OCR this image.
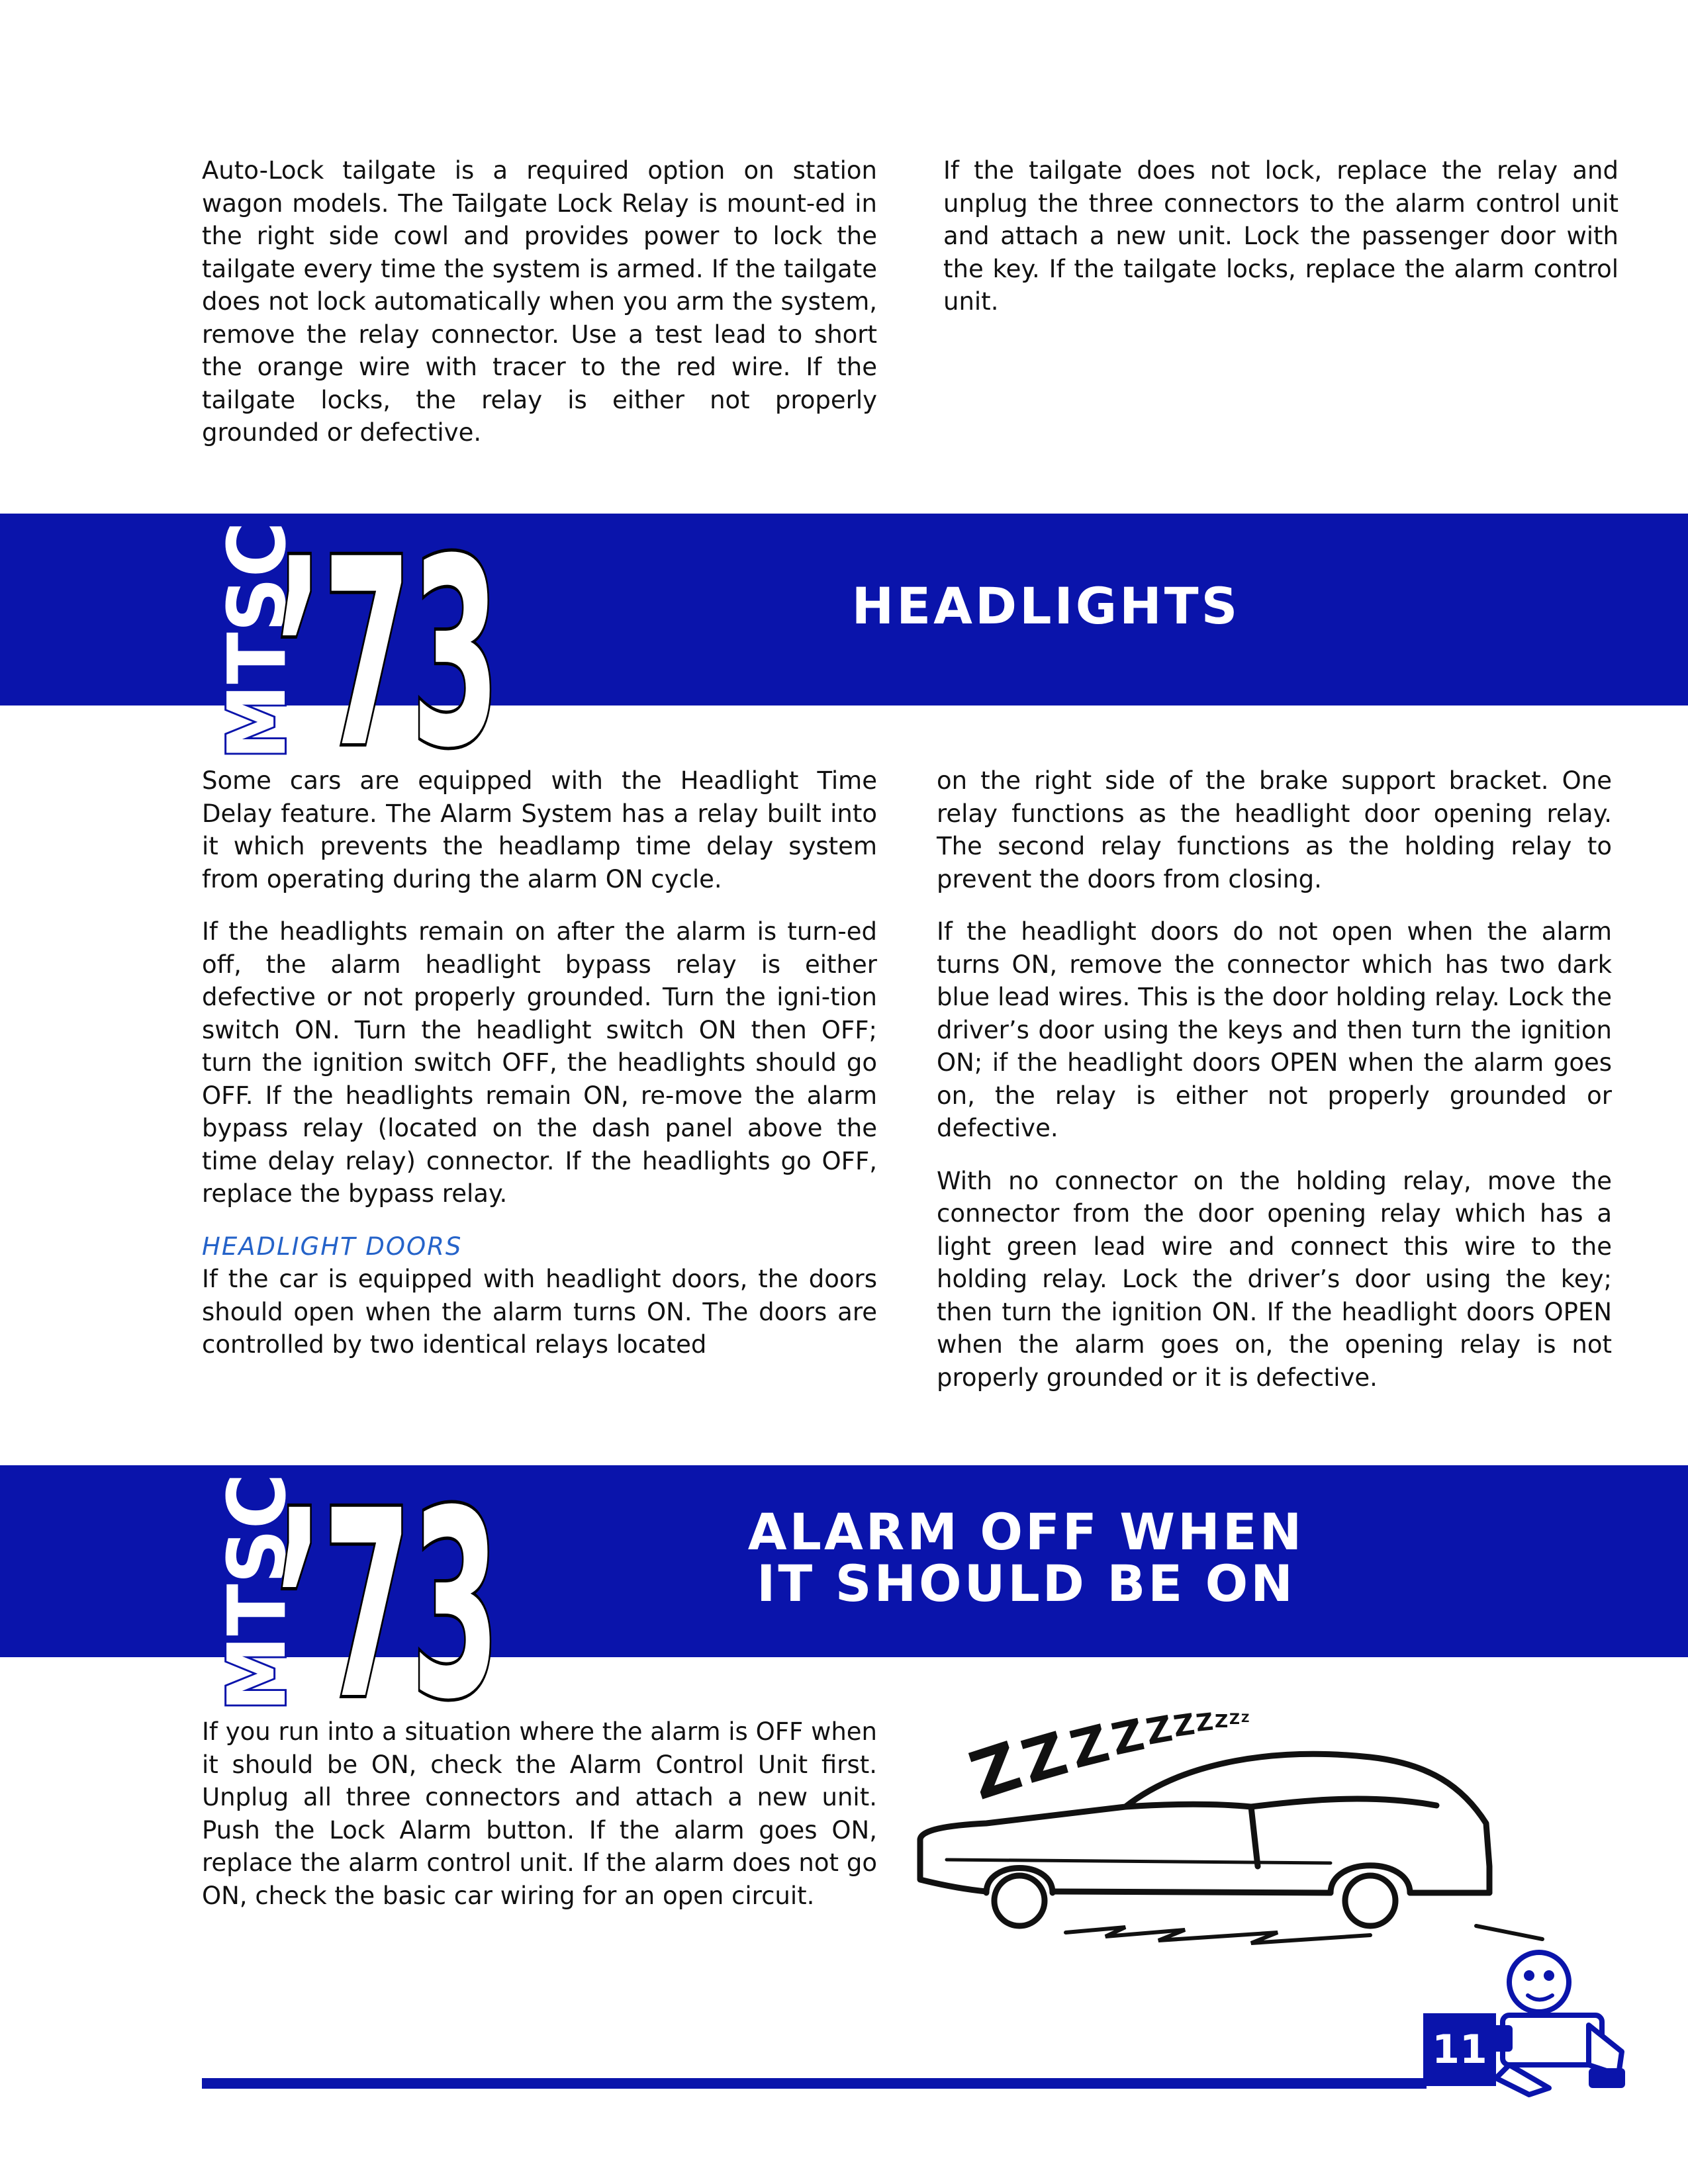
Auto-Lock tailgate is a required option on station wagon models. The Tailgate Lock Relay is mount-ed in the right side cowl and provides power to lock the tailgate every time the system is armed. If the tailgate does not lock automatically when you arm the system, remove the relay connector. Use a test lead to short the orange wire with tracer to the red wire. If the tailgate locks, the relay is either not properly grounded or defective.

If the tailgate does not lock, replace the relay and unplug the three connectors to the alarm control unit and attach a new unit. Lock the passenger door with the key. If the tailgate locks, replace the alarm control unit.

HEADLIGHTS
MTSC
’73

Some cars are equipped with the Headlight Time Delay feature. The Alarm System has a relay built into it which prevents the headlamp time delay system from operating during the alarm ON cycle.

If the headlights remain on after the alarm is turn-ed off, the alarm headlight bypass relay is either defective or not properly grounded. Turn the igni-tion switch ON. Turn the headlight switch ON then OFF; turn the ignition switch OFF, the headlights should go OFF. If the headlights remain ON, re-move the alarm bypass relay (located on the dash panel above the time delay relay) connector. If the headlights go OFF, replace the bypass relay.

HEADLIGHT DOORS

If the car is equipped with headlight doors, the doors should open when the alarm turns ON. The doors are controlled by two identical relays located

on the right side of the brake support bracket. One relay functions as the headlight door opening relay. The second relay functions as the holding relay to prevent the doors from closing.

If the headlight doors do not open when the alarm turns ON, remove the connector which has two dark blue lead wires. This is the door holding relay. Lock the driver’s door using the keys and then turn the ignition ON; if the headlight doors OPEN when the alarm goes on, the relay is either not properly grounded or defective.

With no connector on the holding relay, move the connector from the door opening relay which has a light green lead wire and connect this wire to the holding relay. Lock the driver’s door using the key; then turn the ignition ON. If the headlight doors OPEN when the alarm goes on, the opening relay is not properly grounded or it is defective.

ALARM OFF WHEN
IT SHOULD BE ON
MTSC
’73

If you run into a situation where the alarm is OFF when it should be ON, check the Alarm Control Unit first. Unplug all three connectors and attach a new unit. Push the Lock Alarm button. If the alarm goes ON, replace the alarm control unit. If the alarm does not go ON, check the basic car wiring for an open circuit.

Z
Z
Z
Z
Z
Z
Z Z Z Z
11
